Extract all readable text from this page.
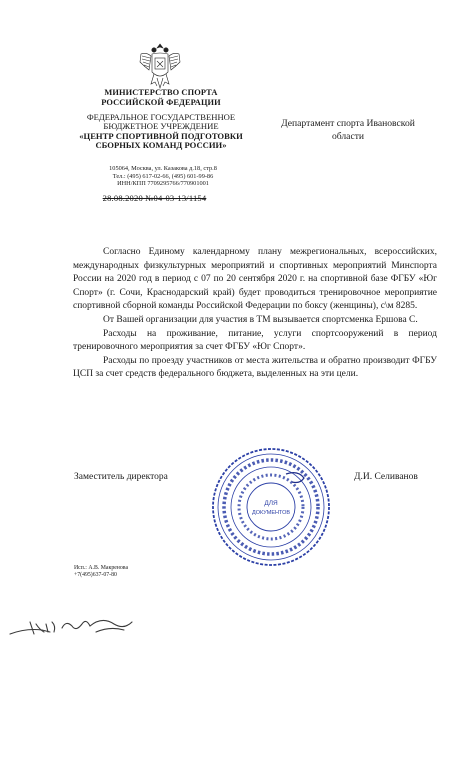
МИНИСТЕРСТВО СПОРТА
РОССИЙСКОЙ ФЕДЕРАЦИИ
ФЕДЕРАЛЬНОЕ ГОСУДАРСТВЕННОЕ
БЮДЖЕТНОЕ УЧРЕЖДЕНИЕ
«ЦЕНТР СПОРТИВНОЙ ПОДГОТОВКИ
СБОРНЫХ КОМАНД РОССИИ»
105064, Москва, ул. Казакова д.18, стр.8
Тел.: (495) 617-02-66, (495) 601-99-86
ИНН/КПП 7709295766/770901001
28.08.2020 №04-03-13/1154
Департамент спорта Ивановской
области

Согласно Единому календарному плану межрегиональных, всероссийских, международных физкультурных мероприятий и спортивных мероприятий Минспорта России на 2020 год в период с 07 по 20 сентября 2020 г. на спортивной базе ФГБУ «Юг Спорт» (г. Сочи, Краснодарский край) будет проводиться тренировочное мероприятие спортивной сборной команды Российской Федерации по боксу (женщины), с\м 8285.

От Вашей организации для участия в ТМ вызывается спортсменка Ершова С.

Расходы на проживание, питание, услуги спортсооружений в период тренировочного мероприятия за счет ФГБУ «Юг Спорт».

Расходы по проезду участников от места жительства и обратно производит ФГБУ ЦСП за счет средств федерального бюджета, выделенных на эти цели.

ДЛЯ
ДОКУМЕНТОВ
Заместитель директора	Д.И. Селиванов
Исп.: А.В. Макренова
+7(495)637-07-80
